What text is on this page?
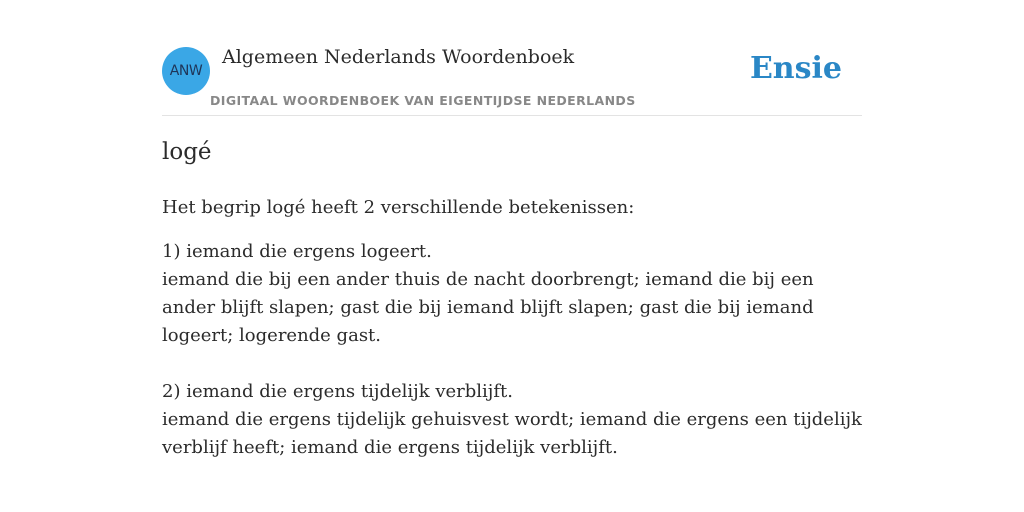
ANW
Algemeen Nederlands Woordenboek
DIGITAAL WOORDENBOEK VAN EIGENTIJDSE NEDERLANDS
Ensie
logé
Het begrip logé heeft 2 verschillende betekenissen:
1) iemand die ergens logeert.
iemand die bij een ander thuis de nacht doorbrengt; iemand die bij een ander blijft slapen; gast die bij iemand blijft slapen; gast die bij iemand logeert; logerende gast.
2) iemand die ergens tijdelijk verblijft.
iemand die ergens tijdelijk gehuisvest wordt; iemand die ergens een tijdelijk verblijf heeft; iemand die ergens tijdelijk verblijft.
